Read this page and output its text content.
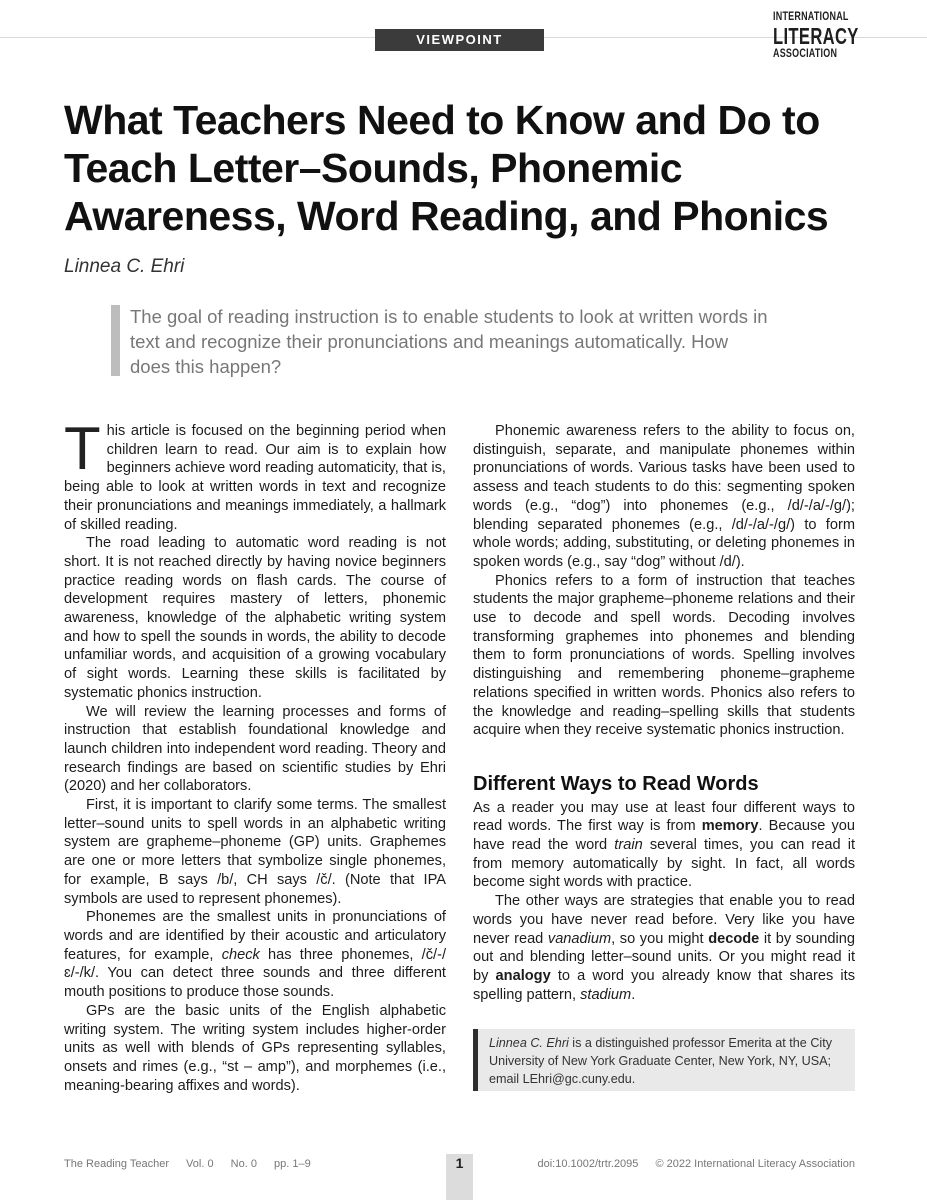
VIEWPOINT
INTERNATIONAL
LITERACY
ASSOCIATION
What Teachers Need to Know and Do to Teach Letter–Sounds, Phonemic Awareness, Word Reading, and Phonics
Linnea C. Ehri
The goal of reading instruction is to enable students to look at written words in text and recognize their pronunciations and meanings automatically. How does this happen?

This article is focused on the beginning period when children learn to read. Our aim is to explain how beginners achieve word reading automaticity, that is, being able to look at written words in text and recognize their pronunciations and meanings immediately, a hallmark of skilled reading.

The road leading to automatic word reading is not short. It is not reached directly by having novice beginners practice reading words on flash cards. The course of development requires mastery of letters, phonemic awareness, knowledge of the alphabetic writing system and how to spell the sounds in words, the ability to decode unfamiliar words, and acquisition of a growing vocabulary of sight words. Learning these skills is facilitated by systematic phonics instruction.

We will review the learning processes and forms of instruction that establish foundational knowledge and launch children into independent word reading. Theory and research findings are based on scientific studies by Ehri (2020) and her collaborators.

First, it is important to clarify some terms. The smallest letter–sound units to spell words in an alphabetic writing system are grapheme–phoneme (GP) units. Graphemes are one or more letters that symbolize single phonemes, for example, B says /b/, CH says /č/. (Note that IPA symbols are used to represent phonemes).

Phonemes are the smallest units in pronunciations of words and are identified by their acoustic and articulatory features, for example, check has three phonemes, /č/-/ɛ/-/k/. You can detect three sounds and three different mouth positions to produce those sounds.

GPs are the basic units of the English alphabetic writing system. The writing system includes higher-order units as well with blends of GPs representing syllables, onsets and rimes (e.g., “st – amp”), and morphemes (i.e., meaning-bearing affixes and words).

Phonemic awareness refers to the ability to focus on, distinguish, separate, and manipulate phonemes within pronunciations of words. Various tasks have been used to assess and teach students to do this: segmenting spoken words (e.g., “dog”) into phonemes (e.g., /d/-/a/-/g/); blending separated phonemes (e.g., /d/-/a/-/g/) to form whole words; adding, substituting, or deleting phonemes in spoken words (e.g., say “dog” without /d/).

Phonics refers to a form of instruction that teaches students the major grapheme–phoneme relations and their use to decode and spell words. Decoding involves transforming graphemes into phonemes and blending them to form pronunciations of words. Spelling involves distinguishing and remembering phoneme–grapheme relations specified in written words. Phonics also refers to the knowledge and reading–spelling skills that students acquire when they receive systematic phonics instruction.

Different Ways to Read Words

As a reader you may use at least four different ways to read words. The first way is from memory. Because you have read the word train several times, you can read it from memory automatically by sight. In fact, all words become sight words with practice.

The other ways are strategies that enable you to read words you have never read before. Very like you have never read vanadium, so you might decode it by sounding out and blending letter–sound units. Or you might read it by analogy to a word you already know that shares its spelling pattern, stadium.

Linnea C. Ehri is a distinguished professor Emerita at the City University of New York Graduate Center, New York, NY, USA; email LEhri@gc.cuny.edu.
The Reading Teacher Vol. 0 No. 0 pp. 1–9	1	doi:10.1002/trtr.2095 © 2022 International Literacy Association
